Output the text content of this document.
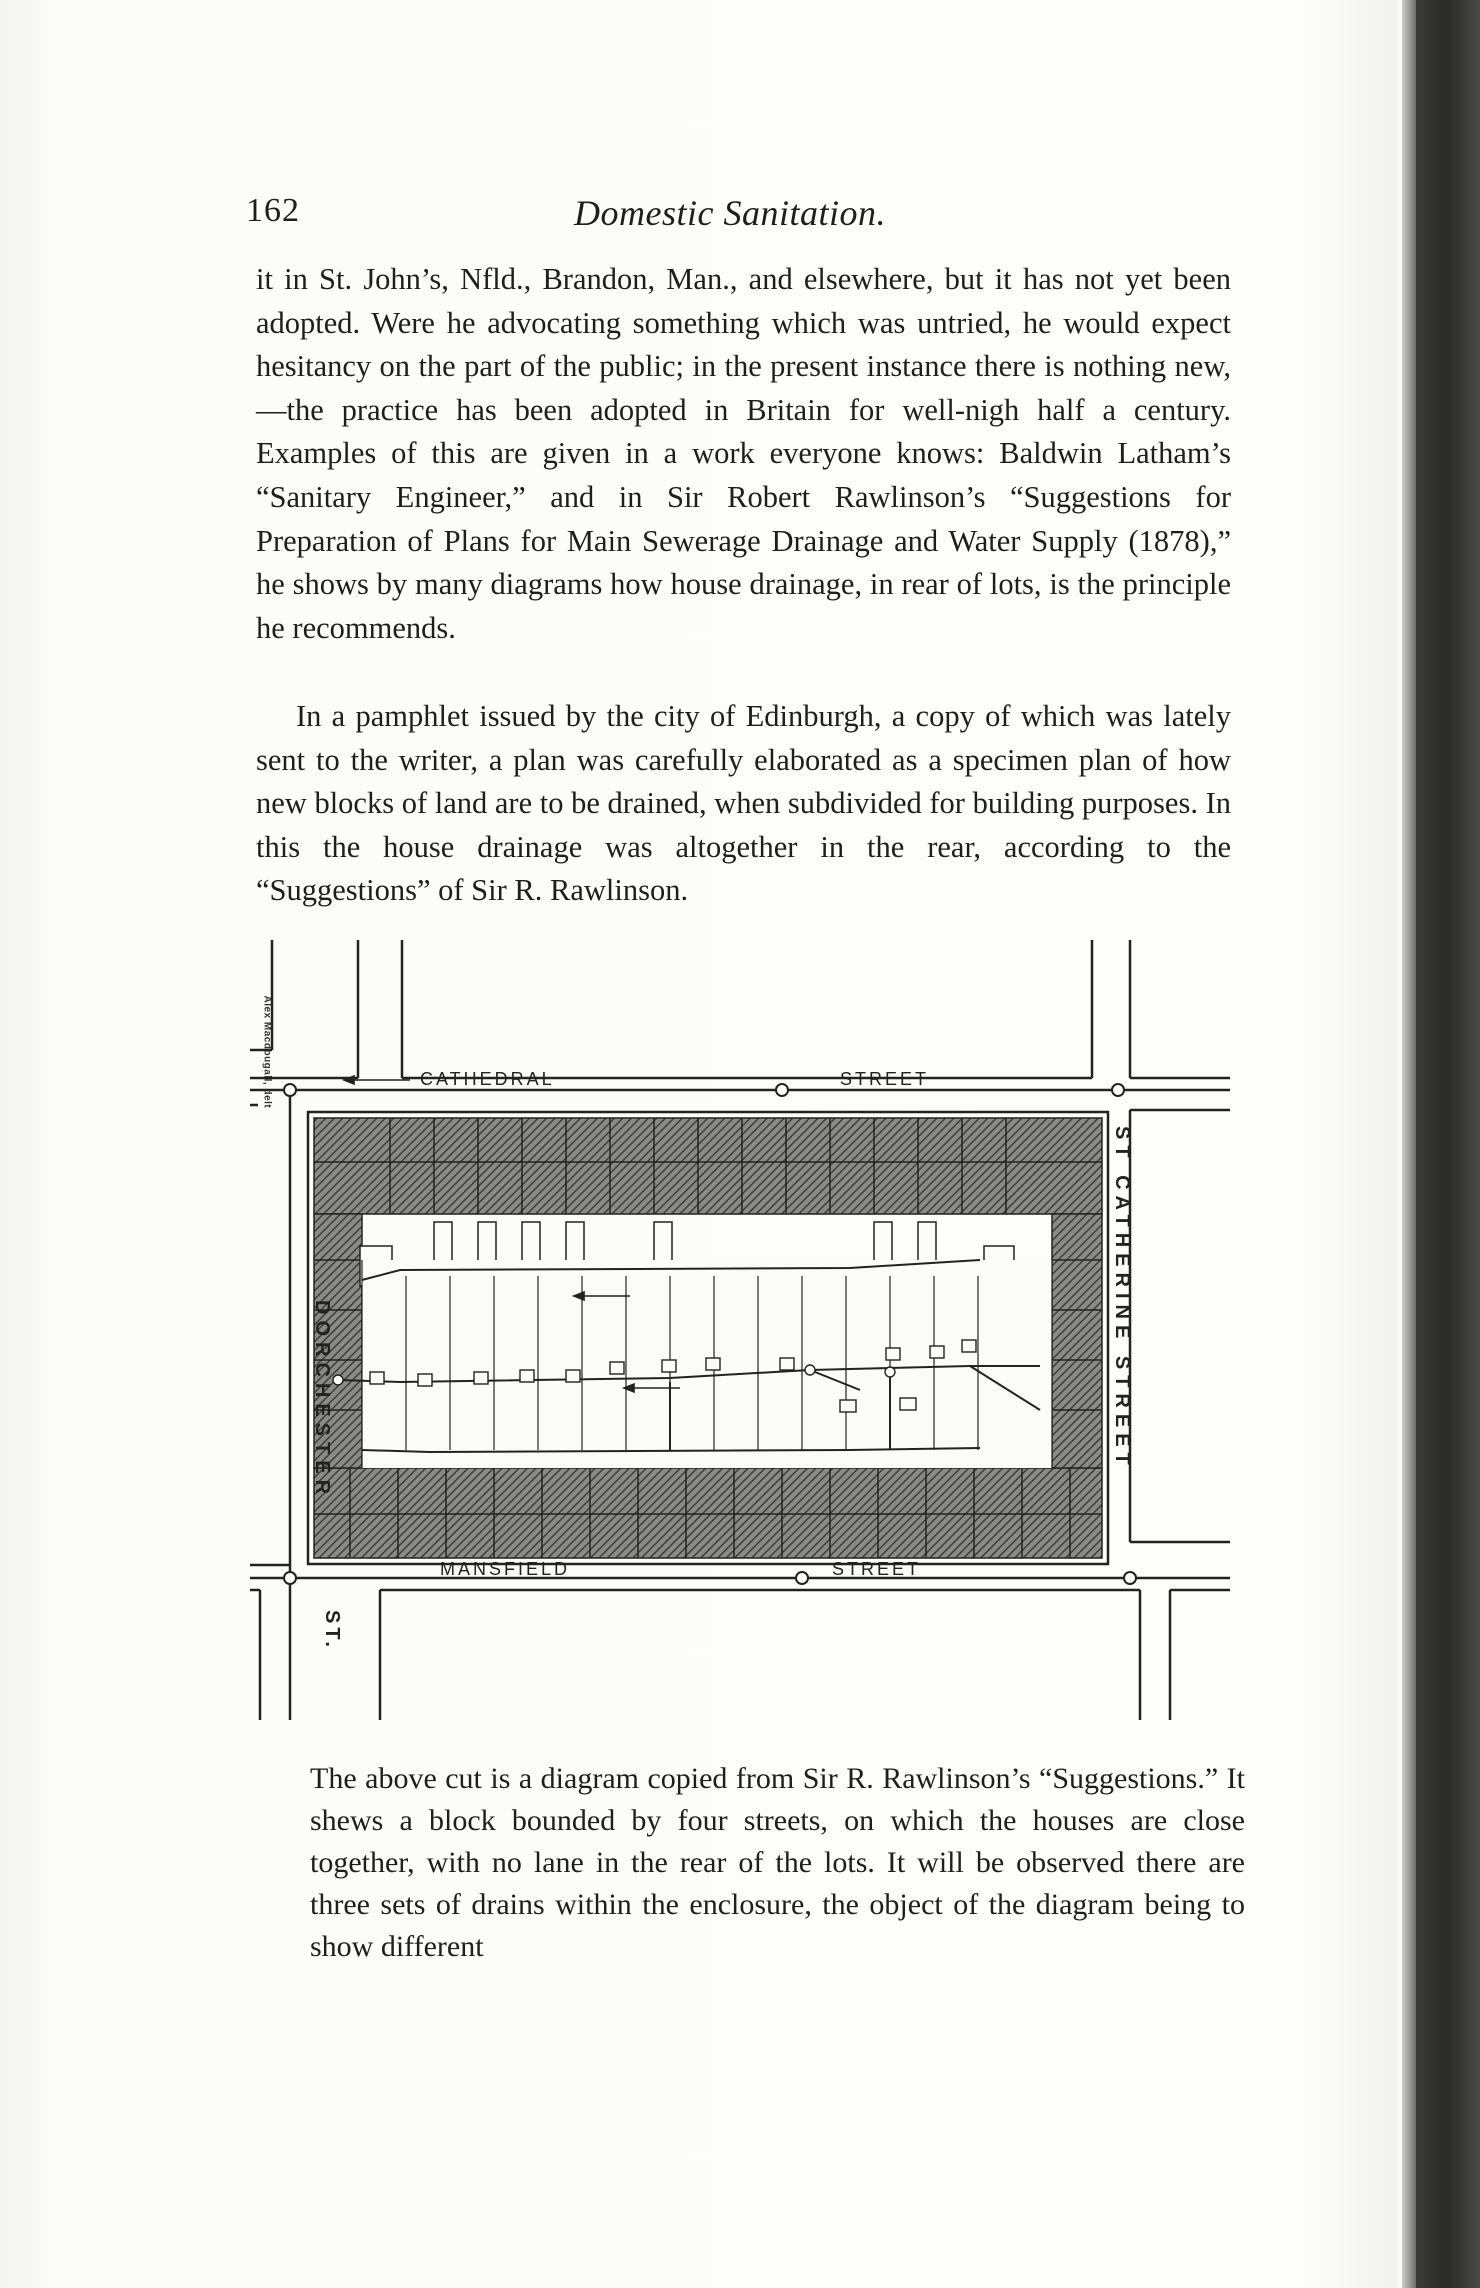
162	Domestic Sanitation.

it in St. John’s, Nfld., Brandon, Man., and elsewhere, but it has not yet been adopted. Were he advocating something which was untried, he would expect hesitancy on the part of the public; in the present instance there is nothing new,—the practice has been adopted in Britain for well-nigh half a century. Examples of this are given in a work everyone knows: Baldwin Latham’s “Sanitary Engineer,” and in Sir Robert Rawlinson’s “Suggestions for Preparation of Plans for Main Sewerage Drainage and Water Supply (1878),” he shows by many diagrams how house drainage, in rear of lots, is the principle he recommends.

In a pamphlet issued by the city of Edinburgh, a copy of which was lately sent to the writer, a plan was carefully elaborated as a specimen plan of how new blocks of land are to be drained, when subdivided for building purposes. In this the house drainage was altogether in the rear, according to the “Suggestions” of Sir R. Rawlinson.

Alex Macdougall, delt	CATHEDRAL	STREET
MANSFIELD	STREET
DORCHESTER
ST.
ST CATHERINE STREET

The above cut is a diagram copied from Sir R. Rawlinson’s “Suggestions.” It shews a block bounded by four streets, on which the houses are close together, with no lane in the rear of the lots. It will be observed there are three sets of drains within the enclosure, the object of the diagram being to show different
